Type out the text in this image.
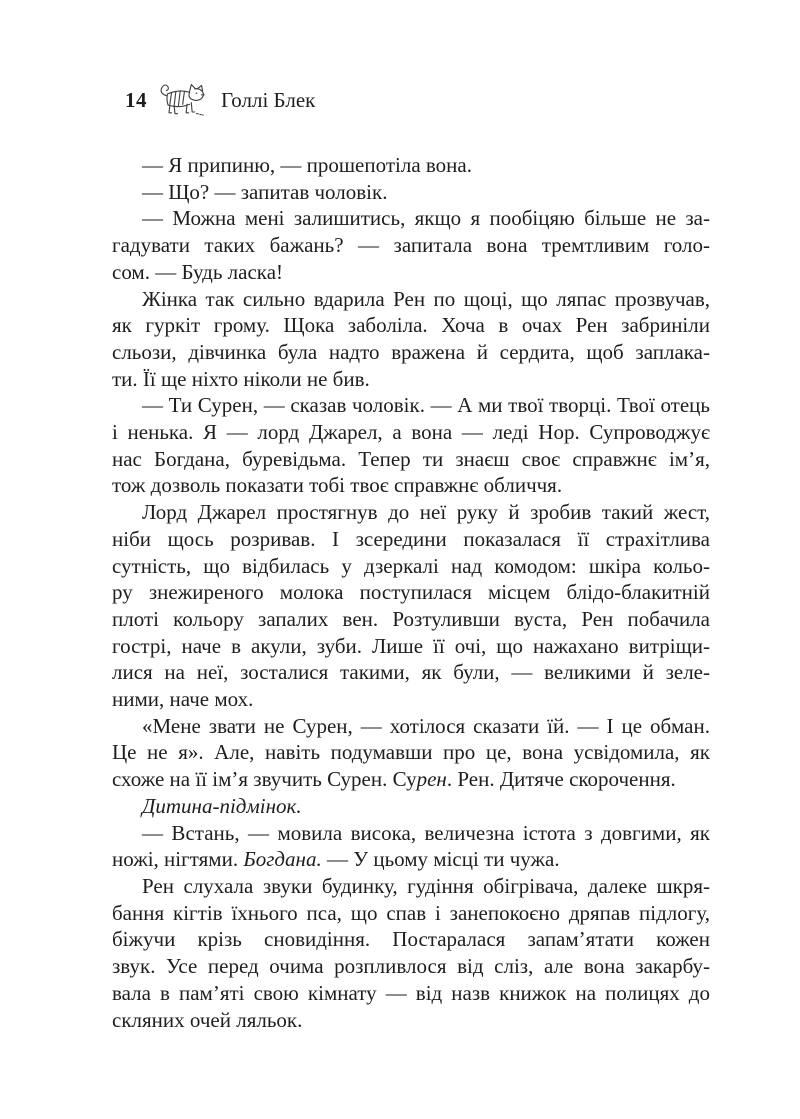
14	Голлі Блек
— Я припиню, — прошепотіла вона.
— Що? — запитав чоловік.
— Можна мені залишитись, якщо я пообіцяю більше не за-
гадувати таких бажань? — запитала вона тремтливим голо-
сом. — Будь ласка!
Жінка так сильно вдарила Рен по щоці, що ляпас прозвучав,
як гуркіт грому. Щока заболіла. Хоча в очах Рен забриніли
сльози, дівчинка була надто вражена й сердита, щоб заплака-
ти. Її ще ніхто ніколи не бив.
— Ти Сурен, — сказав чоловік. — А ми твої творці. Твої отець
і ненька. Я — лорд Джарел, а вона — леді Нор. Супроводжує
нас Богдана, буревідьма. Тепер ти знаєш своє справжнє ім’я,
тож дозволь показати тобі твоє справжнє обличчя.
Лорд Джарел простягнув до неї руку й зробив такий жест,
ніби щось розривав. І зсередини показалася її страхітлива
сутність, що відбилась у дзеркалі над комодом: шкіра кольо-
ру знежиреного молока поступилася місцем блідо-блакитній
плоті кольору запалих вен. Розтуливши вуста, Рен побачила
гострі, наче в акули, зуби. Лише її очі, що нажахано витріщи-
лися на неї, зосталися такими, як були, — великими й зеле-
ними, наче мох.
«Мене звати не Сурен, — хотілося сказати їй. — І це обман.
Це не я». Але, навіть подумавши про це, вона усвідомила, як
схоже на її ім’я звучить Сурен. Сурен. Рен. Дитяче скорочення.
Дитина-підмінок.
— Встань, — мовила висока, величезна істота з довгими, як
ножі, нігтями. Богдана. — У цьому місці ти чужа.
Рен слухала звуки будинку, гудіння обігрівача, далеке шкря-
бання кігтів їхнього пса, що спав і занепокоєно дряпав підлогу,
біжучи крізь сновидіння. Постаралася запам’ятати кожен
звук. Усе перед очима розпливлося від сліз, але вона закарбу-
вала в пам’яті свою кімнату — від назв книжок на полицях до
скляних очей ляльок.
